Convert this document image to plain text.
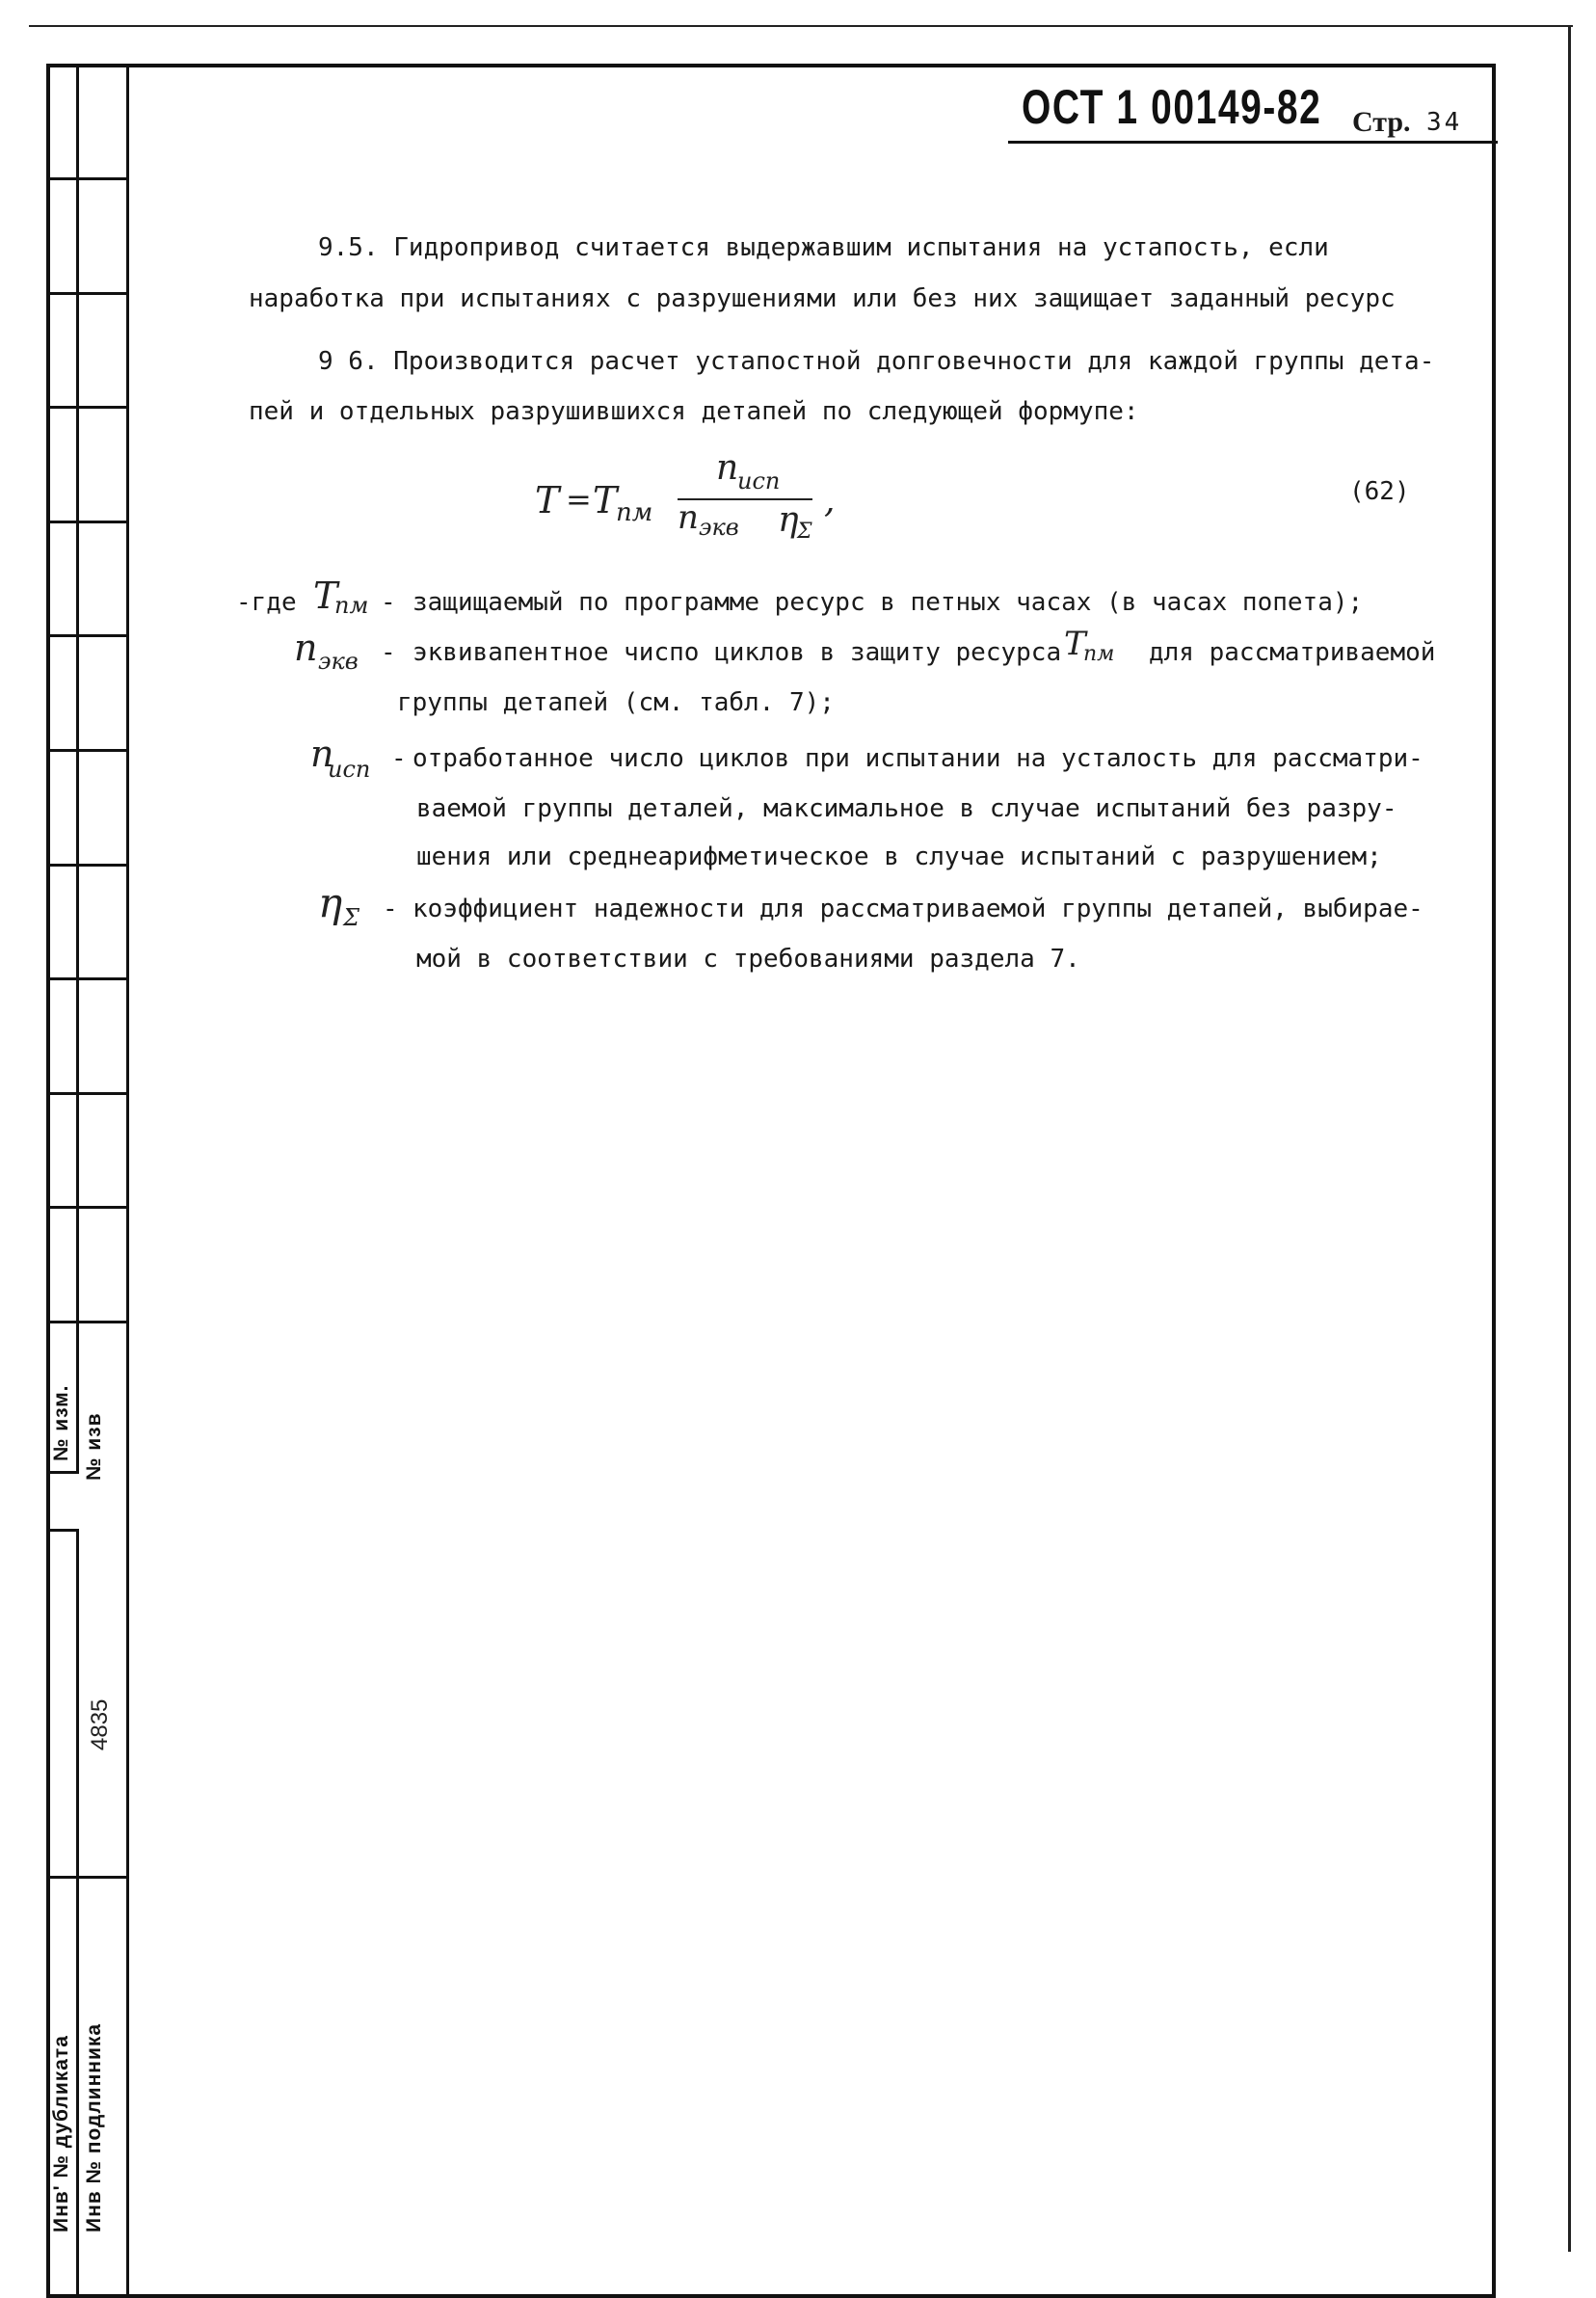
№ изм. № изв
4835
Инв' № дубликата Инв № подлинника
ОСТ 1 00149-82 Стр. 34
9.5. Гидропривод считается выдержавшим испытания на устапость, если
наработка при испытаниях с разрушениями или без них защищает заданный ресурс
9 6. Производится расчет устапостной допговечности для каждой группы дета-
пей и отдельных разрушившихся детапей по следующей формупе:
T = T
пм
n
исп
n экв η
Σ
,	(62)
-где T
пм - защищаемый по программе ресурс в петных часах (в часах попета);
n экв - эквивапентное чиспо циклов в защиту ресурса T
пм для рассматриваемой
группы детапей (см. табл. 7);
n
исп - отработанное число циклов при испытании на усталость для рассматри-
ваемой группы деталей, максимальное в случае испытаний без разру-
шения или среднеарифметическое в случае испытаний с разрушением;
η Σ - коэффициент надежности для рассматриваемой группы детапей, выбирае-
мой в соответствии с требованиями раздела 7.
